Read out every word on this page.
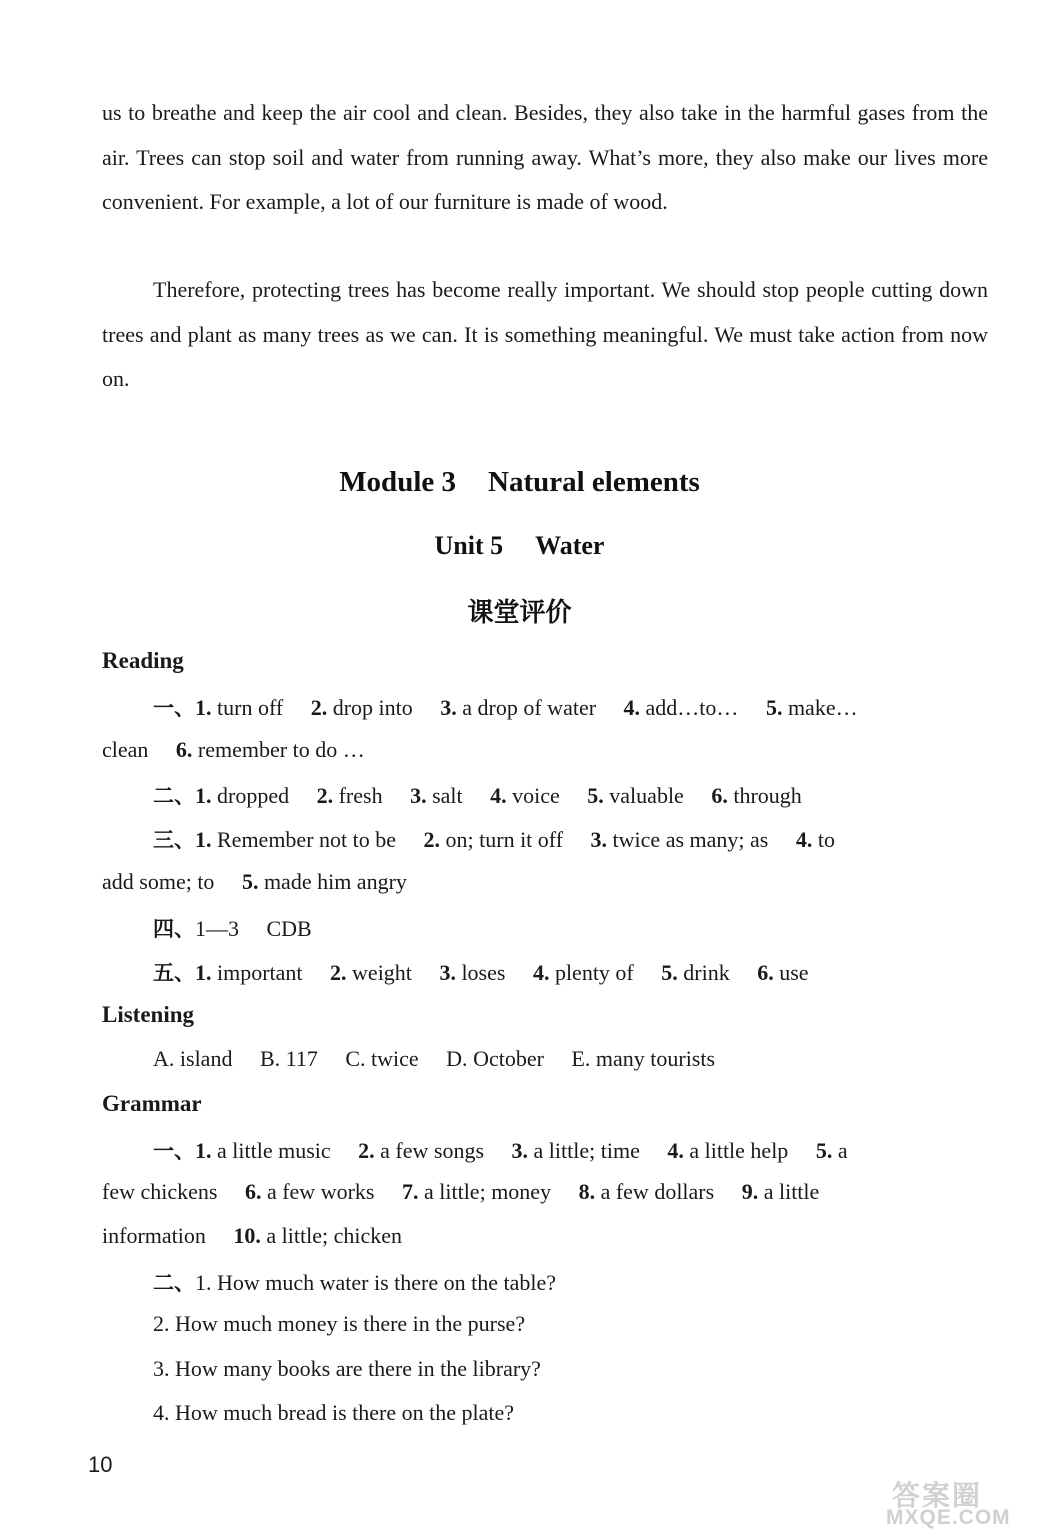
us to breathe and keep the air cool and clean. Besides, they also take in the harmful gases from the air. Trees can stop soil and water from running away. What’s more, they also make our lives more convenient. For example, a lot of our furniture is made of wood.
Therefore, protecting trees has become really important. We should stop people cutting down trees and plant as many trees as we can. It is something meaningful. We must take action from now on.
Module 3 Natural elements
Unit 5 Water
课堂评价
Reading
一、1. turn off 2. drop into 3. a drop of water 4. add…to… 5. make…
clean 6. remember to do …
二、1. dropped 2. fresh 3. salt 4. voice 5. valuable 6. through
三、1. Remember not to be 2. on; turn it off 3. twice as many; as 4. to
add some; to 5. made him angry
四、1—3 CDB
五、1. important 2. weight 3. loses 4. plenty of 5. drink 6. use
Listening
A. island B. 117 C. twice D. October E. many tourists
Grammar
一、1. a little music 2. a few songs 3. a little; time 4. a little help 5. a
few chickens 6. a few works 7. a little; money 8. a few dollars 9. a little
information 10. a little; chicken
二、1. How much water is there on the table?
2. How much money is there in the purse?
3. How many books are there in the library?
4. How much bread is there on the plate?
10
答案圈
MXQE.COM
